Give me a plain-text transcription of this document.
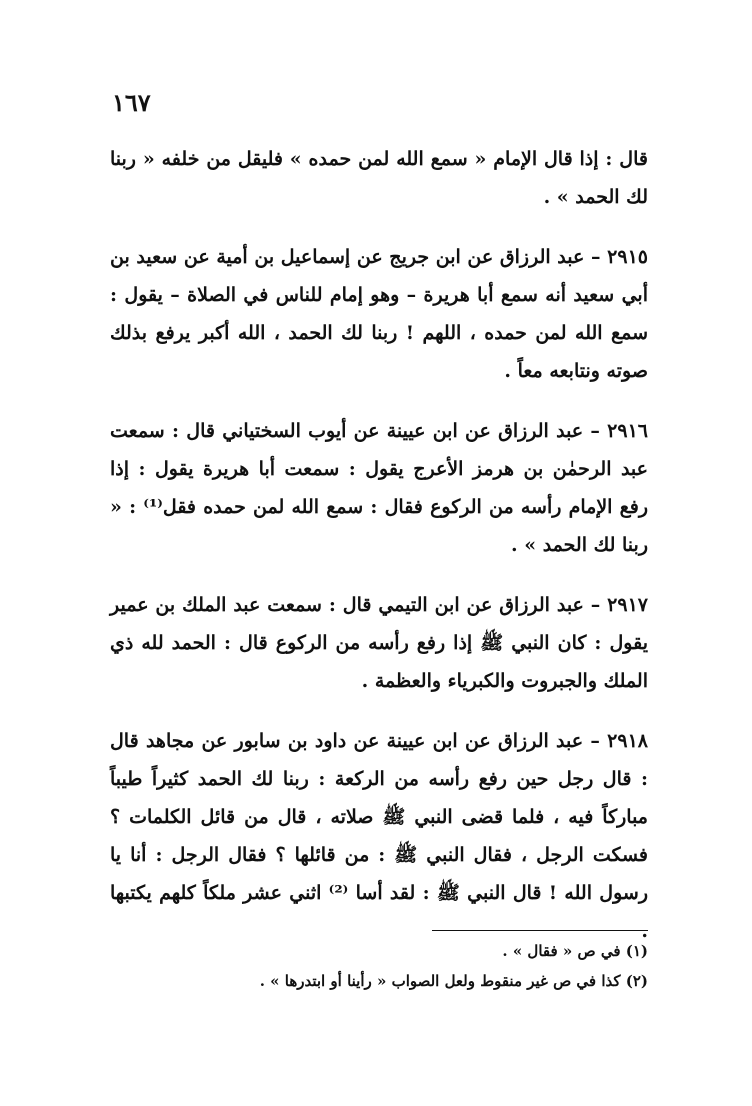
١٦٧

قال : إذا قال الإمام « سمع الله لمن حمده » فليقل من خلفه « ربنا لك الحمد » .

٢٩١٥ – عبد الرزاق عن ابن جريج عن إسماعيل بن أمية عن سعيد بن أبي سعيد أنه سمع أبا هريرة – وهو إمام للناس في الصلاة – يقول : سمع الله لمن حمده ، اللهم ! ربنا لك الحمد ، الله أكبر يرفع بذلك صوته ونتابعه معاً .

٢٩١٦ – عبد الرزاق عن ابن عيينة عن أيوب السختياني قال : سمعت عبد الرحمٰن بن هرمز الأعرج يقول : سمعت أبا هريرة يقول : إذا رفع الإمام رأسه من الركوع فقال : سمع الله لمن حمده فقل⁽¹⁾ : « ربنا لك الحمد » .

٢٩١٧ – عبد الرزاق عن ابن التيمي قال : سمعت عبد الملك بن عمير يقول : كان النبي ﷺ إذا رفع رأسه من الركوع قال : الحمد لله ذي الملك والجبروت والكبرياء والعظمة .

٢٩١٨ – عبد الرزاق عن ابن عيينة عن داود بن سابور عن مجاهد قال : قال رجل حين رفع رأسه من الركعة : ربنا لك الحمد كثيراً طيباً مباركاً فيه ، فلما قضى النبي ﷺ صلاته ، قال من قائل الكلمات ؟ فسكت الرجل ، فقال النبي ﷺ : من قائلها ؟ فقال الرجل : أنا يا رسول الله ! قال النبي ﷺ : لقد أسا ⁽²⁾ اثني عشر ملكاً كلهم يكتبها .

(١) في ص « فقال » .

(٢) كذا في ص غير منقوط ولعل الصواب « رأينا أو ابتدرها » .
